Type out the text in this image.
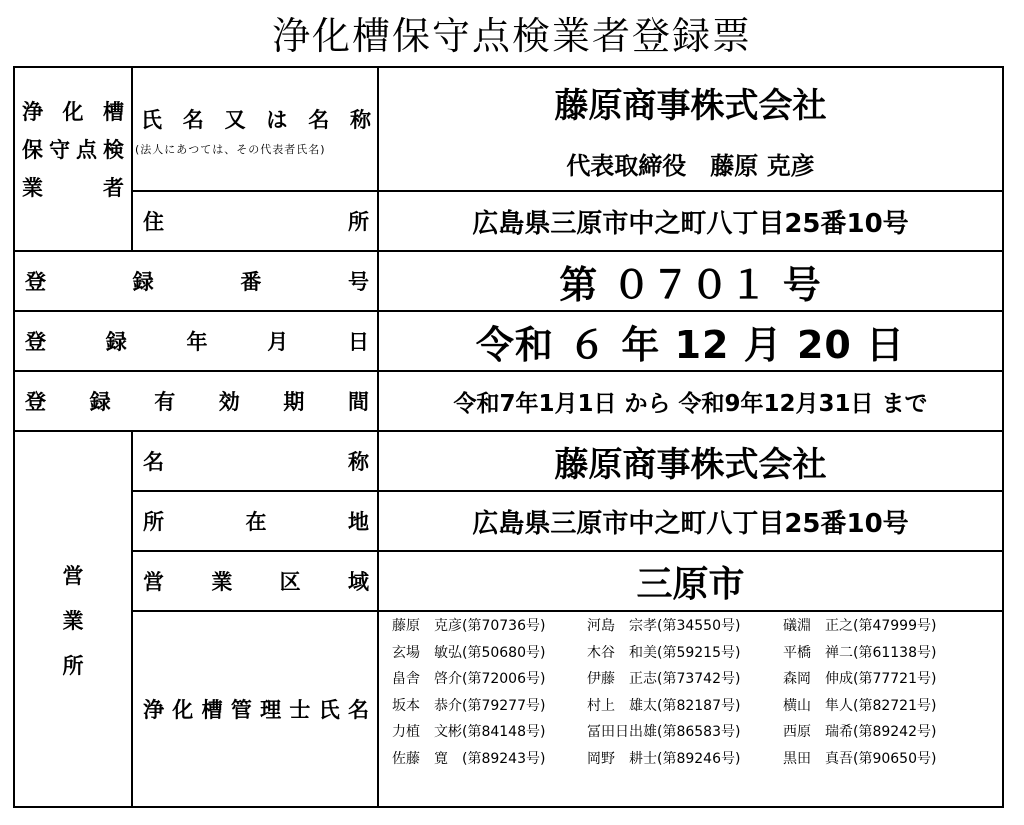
浄化槽保守点検業者登録票
浄 化 槽
保 守 点 検
業	者
氏 名 又 は 名 称
(法人にあつては、その代表者氏名)
藤原商事株式会社
代表取締役　藤原 克彦
住	所	広島県三原市中之町八丁目25番10号
登	録	番	号	第 ０７０１ 号
登	録	年	月	日	令和 ６ 年 12 月 20 日
登 録 有 効 期 間	令和7年1月1日 から 令和9年12月31日 まで
営
業
所
名	称	藤原商事株式会社
所	在	地	広島県三原市中之町八丁目25番10号
営 業 区 域	三原市
浄 化 槽 管 理 士 氏 名
藤原　克彦(第70736号)	河島　宗孝(第34550号)	礒淵　正之(第47999号)
玄場　敏弘(第50680号)	木谷　和美(第59215号)	平橋　禅二(第61138号)
畠舎　啓介(第72006号)	伊藤　正志(第73742号)	森岡　伸成(第77721号)
坂本　恭介(第79277号)	村上　雄太(第82187号)	横山　隼人(第82721号)
力植　文彬(第84148号)	冨田日出雄(第86583号)	西原　瑞希(第89242号)
佐藤　寛　(第89243号)	岡野　耕士(第89246号)	黒田　真吾(第90650号)
